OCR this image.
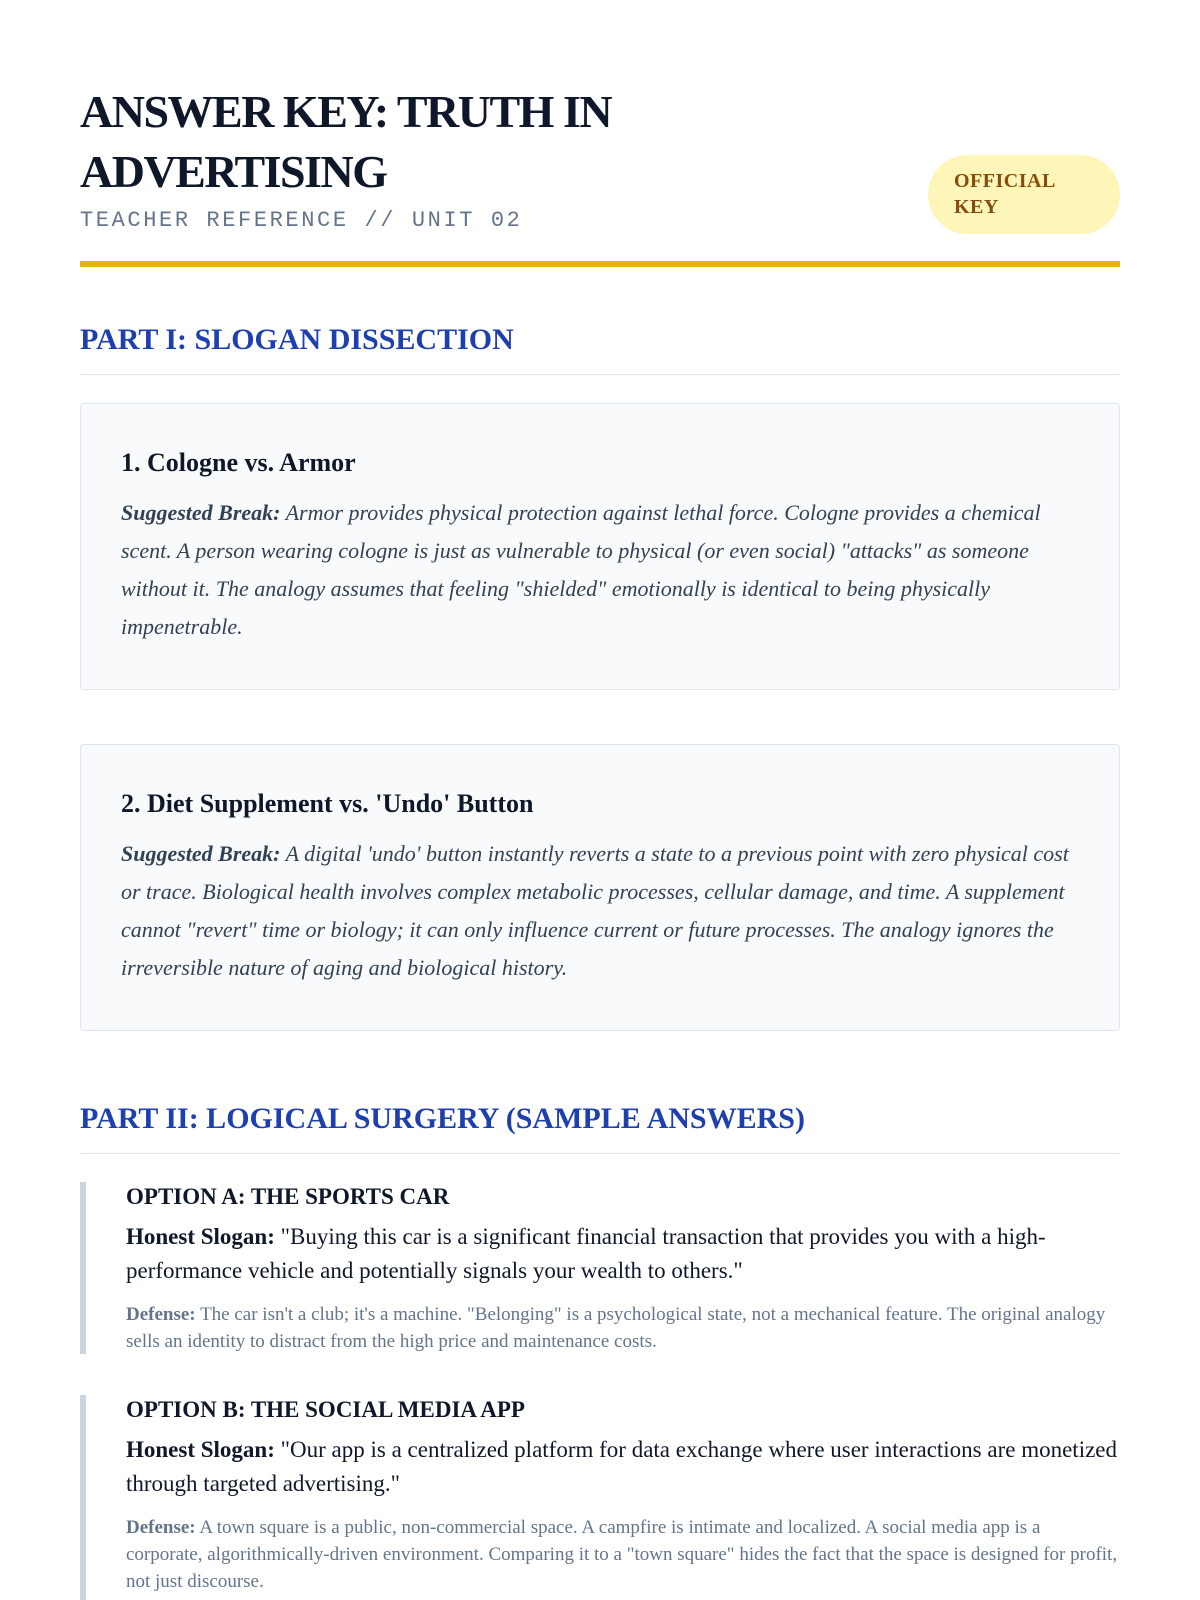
ANSWER KEY: TRUTH IN ADVERTISING
TEACHER REFERENCE // UNIT 02
OFFICIAL KEY
PART I: SLOGAN DISSECTION
1. Cologne vs. Armor

Suggested Break: Armor provides physical protection against lethal force. Cologne provides a chemical scent. A person wearing cologne is just as vulnerable to physical (or even social) "attacks" as someone without it. The analogy assumes that feeling "shielded" emotionally is identical to being physically impenetrable.

2. Diet Supplement vs. 'Undo' Button

Suggested Break: A digital 'undo' button instantly reverts a state to a previous point with zero physical cost or trace. Biological health involves complex metabolic processes, cellular damage, and time. A supplement cannot "revert" time or biology; it can only influence current or future processes. The analogy ignores the irreversible nature of aging and biological history.

PART II: LOGICAL SURGERY (SAMPLE ANSWERS)
OPTION A: THE SPORTS CAR
Honest Slogan: "Buying this car is a significant financial transaction that provides you with a high-performance vehicle and potentially signals your wealth to others."
Defense: The car isn't a club; it's a machine. "Belonging" is a psychological state, not a mechanical feature. The original analogy sells an identity to distract from the high price and maintenance costs.
OPTION B: THE SOCIAL MEDIA APP
Honest Slogan: "Our app is a centralized platform for data exchange where user interactions are monetized through targeted advertising."
Defense: A town square is a public, non-commercial space. A campfire is intimate and localized. A social media app is a corporate, algorithmically-driven environment. Comparing it to a "town square" hides the fact that the space is designed for profit, not just discourse.
